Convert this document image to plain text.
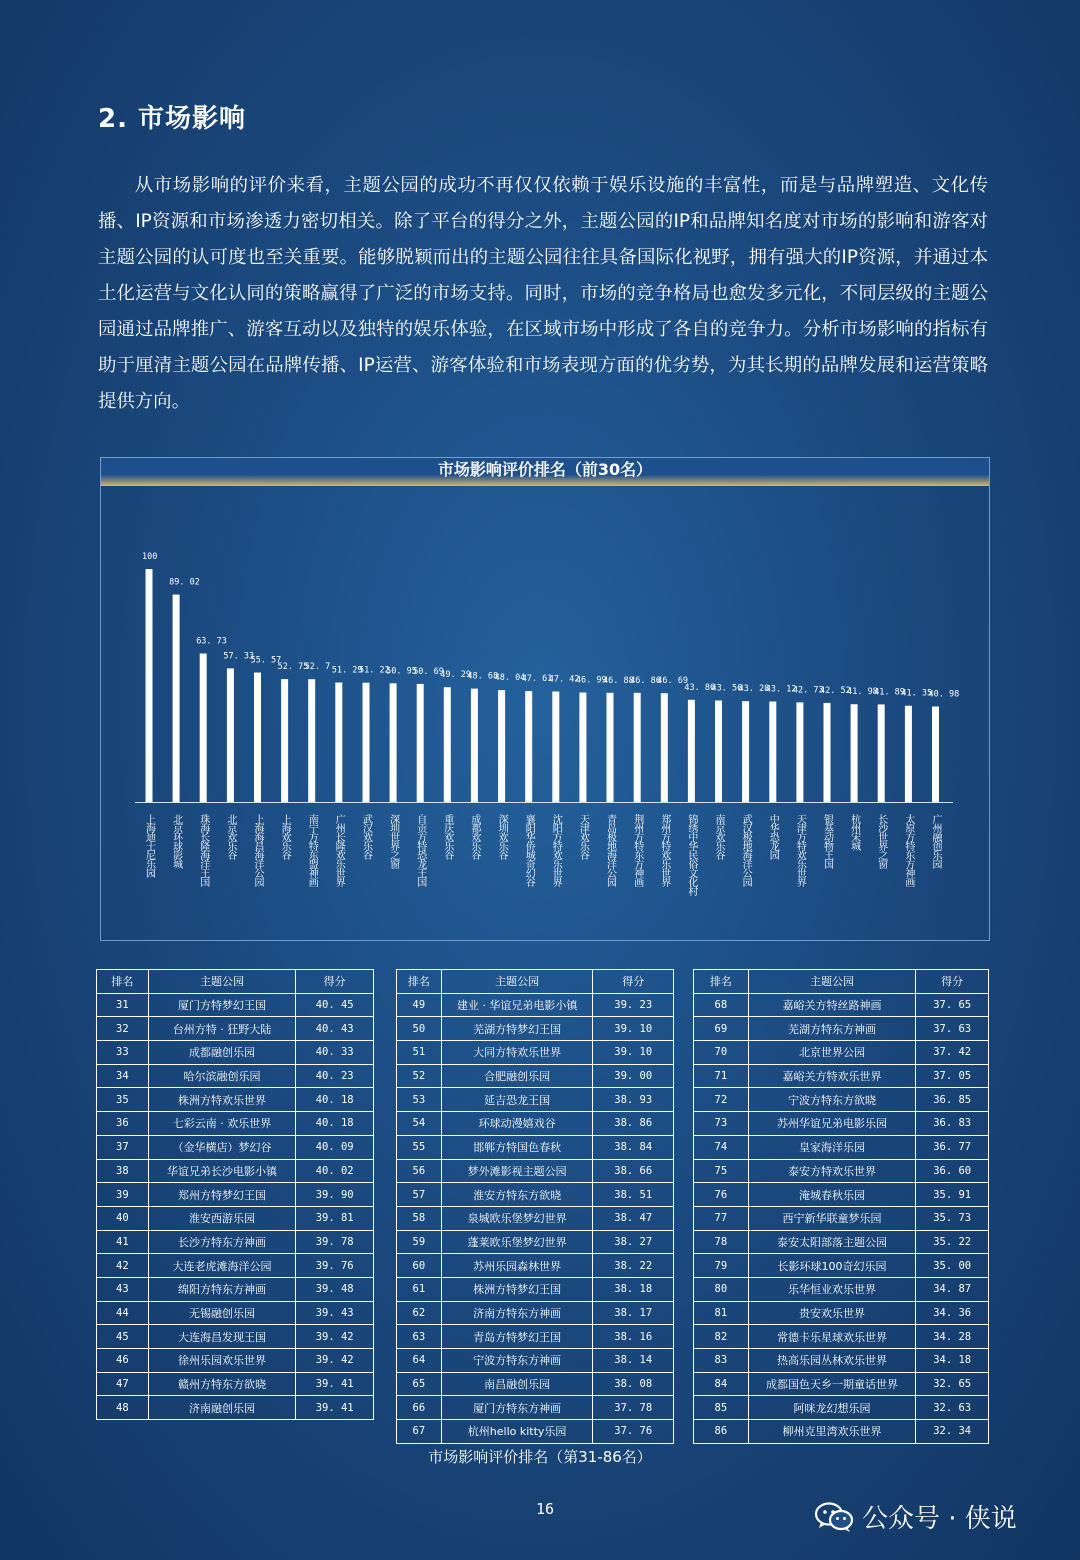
2. 市场影响

从市场影响的评价来看，主题公园的成功不再仅仅依赖于娱乐设施的丰富性，而是与品牌塑造、文化传播、IP资源和市场渗透力密切相关。除了平台的得分之外，主题公园的IP和品牌知名度对市场的影响和游客对主题公园的认可度也至关重要。能够脱颖而出的主题公园往往具备国际化视野，拥有强大的IP资源，并通过本土化运营与文化认同的策略赢得了广泛的市场支持。同时，市场的竞争格局也愈发多元化，不同层级的主题公园通过品牌推广、游客互动以及独特的娱乐体验，在区域市场中形成了各自的竞争力。分析市场影响的指标有助于厘清主题公园在品牌传播、IP运营、游客体验和市场表现方面的优劣势，为其长期的品牌发展和运营策略提供方向。

市场影响评价排名（前30名）
100
上海迪士尼乐园
89. 02
北京环球影城
63. 73
珠海长隆海洋王国
57. 33
北京欢乐谷
55. 57
上海海昌海洋公园
52. 75
上海欢乐谷
52. 7
南宁方特东盟神画
51. 29
广州长隆欢乐世界
51. 22
武汉欢乐谷
50. 95
深圳世界之窗
50. 69
自贡方特恐龙王国
49. 29
重庆欢乐谷
48. 68
成都欢乐谷
48. 04
深圳欢乐谷
47. 61
襄阳华侨城奇幻谷
47. 42
沈阳方特欢乐世界
46. 99
天津欢乐谷
46. 88
青岛极地海洋公园
46. 86
荆州方特东方神画
46. 69
郑州方特欢乐世界
43. 86
锦绣中华民俗文化村
43. 56
南京欢乐谷
43. 28
武汉极地海洋公园
43. 12
中华恐龙园
42. 73
天津方特欢乐世界
42. 52
银基动物王国
41. 98
杭州宋城
41. 89
长沙世界之窗
41. 35
太原方特东方神画
40. 98
广州融创乐园
排名	主题公园	得分
31	厦门方特梦幻王国	40. 45
32	台州方特 · 狂野大陆	40. 43
33	成都融创乐园	40. 33
34	哈尔滨融创乐园	40. 23
35	株洲方特欢乐世界	40. 18
36	七彩云南 · 欢乐世界	40. 18
37	（金华横店）梦幻谷	40. 09
38	华谊兄弟长沙电影小镇	40. 02
39	郑州方特梦幻王国	39. 90
40	淮安西游乐园	39. 81
41	长沙方特东方神画	39. 78
42	大连老虎滩海洋公园	39. 76
43	绵阳方特东方神画	39. 48
44	无锡融创乐园	39. 43
45	大连海昌发现王国	39. 42
46	徐州乐园欢乐世界	39. 42
47	赣州方特东方欲晓	39. 41
48	济南融创乐园	39. 41
排名	主题公园	得分
49	建业 · 华谊兄弟电影小镇	39. 23
50	芜湖方特梦幻王国	39. 10
51	大同方特欢乐世界	39. 10
52	合肥融创乐园	39. 00
53	延吉恐龙王国	38. 93
54	环球动漫嬉戏谷	38. 86
55	邯郸方特国色春秋	38. 84
56	梦外滩影视主题公园	38. 66
57	淮安方特东方欲晓	38. 51
58	泉城欧乐堡梦幻世界	38. 47
59	蓬莱欧乐堡梦幻世界	38. 27
60	苏州乐园森林世界	38. 22
61	株洲方特梦幻王国	38. 18
62	济南方特东方神画	38. 17
63	青岛方特梦幻王国	38. 16
64	宁波方特东方神画	38. 14
65	南昌融创乐园	38. 08
66	厦门方特东方神画	37. 78
67	杭州hello kitty乐园	37. 76
排名	主题公园	得分
68	嘉峪关方特丝路神画	37. 65
69	芜湖方特东方神画	37. 63
70	北京世界公园	37. 42
71	嘉峪关方特欢乐世界	37. 05
72	宁波方特东方欲晓	36. 85
73	苏州华谊兄弟电影乐园	36. 83
74	皇家海洋乐园	36. 77
75	泰安方特欢乐世界	36. 60
76	淹城春秋乐园	35. 91
77	西宁新华联童梦乐园	35. 73
78	泰安太阳部落主题公园	35. 22
79	长影环球100奇幻乐园	35. 00
80	乐华恒业欢乐世界	34. 87
81	贵安欢乐世界	34. 36
82	常德卡乐星球欢乐世界	34. 28
83	热高乐园丛林欢乐世界	34. 18
84	成都国色天乡一期童话世界	32. 65
85	阿咪龙幻想乐园	32. 63
86	柳州克里湾欢乐世界	32. 34
市场影响评价排名（第31-86名）
16	公众号 · 侠说
